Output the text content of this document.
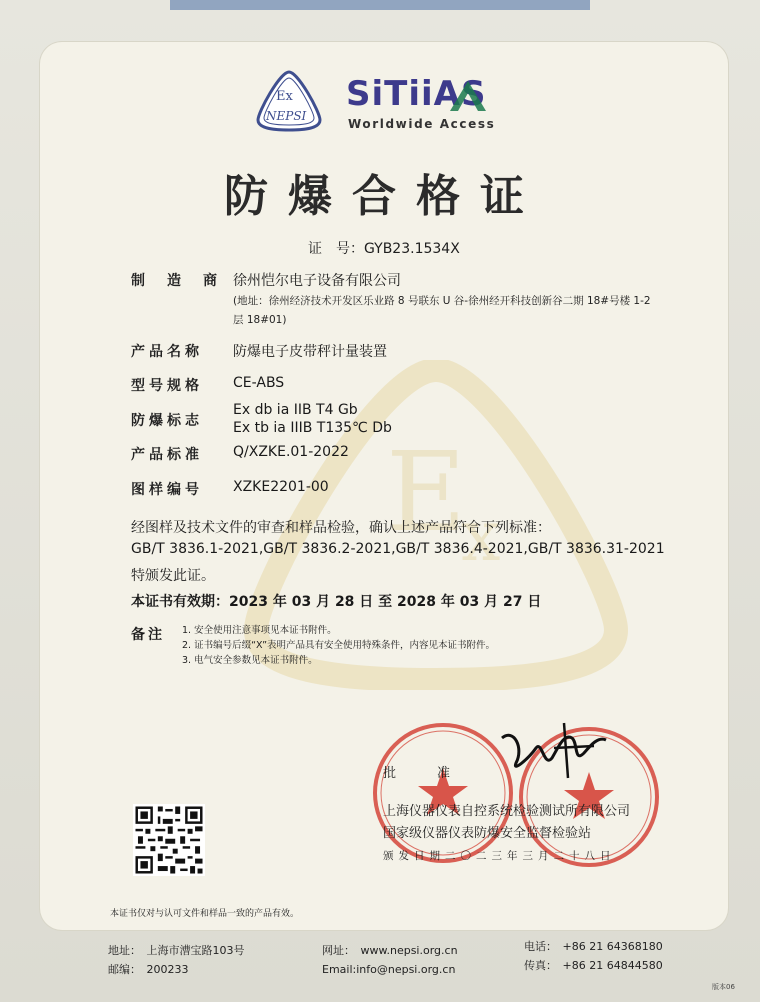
E
x
Ex
NEPSI
SiTiiAS
Worldwide Access
防爆合格证
证　号：GYB23.1534X
制　造　商 徐州恺尔电子设备有限公司
(地址：徐州经济技术开发区乐业路 8 号联东 U 谷-徐州经开科技创新谷二期 18#号楼 1-2
层 18#01)
产品名称 防爆电子皮带秤计量装置
型号规格 CE-ABS
防爆标志
Ex db ia IIB T4 Gb
Ex tb ia IIIB T135℃ Db
产品标准 Q/XZKE.01-2022
图样编号 XZKE2201-00
经图样及技术文件的审查和样品检验，确认上述产品符合下列标准：
GB/T 3836.1-2021,GB/T 3836.2-2021,GB/T 3836.4-2021,GB/T 3836.31-2021
特颁发此证。
本证书有效期：2023 年 03 月 28 日 至 2028 年 03 月 27 日
备注 1. 安全使用注意事项见本证书附件。
2. 证书编号后缀“X”表明产品具有安全使用特殊条件，内容见本证书附件。
3. 电气安全参数见本证书附件。
批　准
上海仪器仪表自控系统检验测试所有限公司
国家级仪器仪表防爆安全监督检验站
颁发日期二〇二三年三月二十八日
本证书仅对与认可文件和样品一致的产品有效。
地址：　上海市漕宝路103号
邮编：　200233
网址：　www.nepsi.org.cn
Email:info@nepsi.org.cn
电话：　+86 21 64368180
传真：　+86 21 64844580
版本06
